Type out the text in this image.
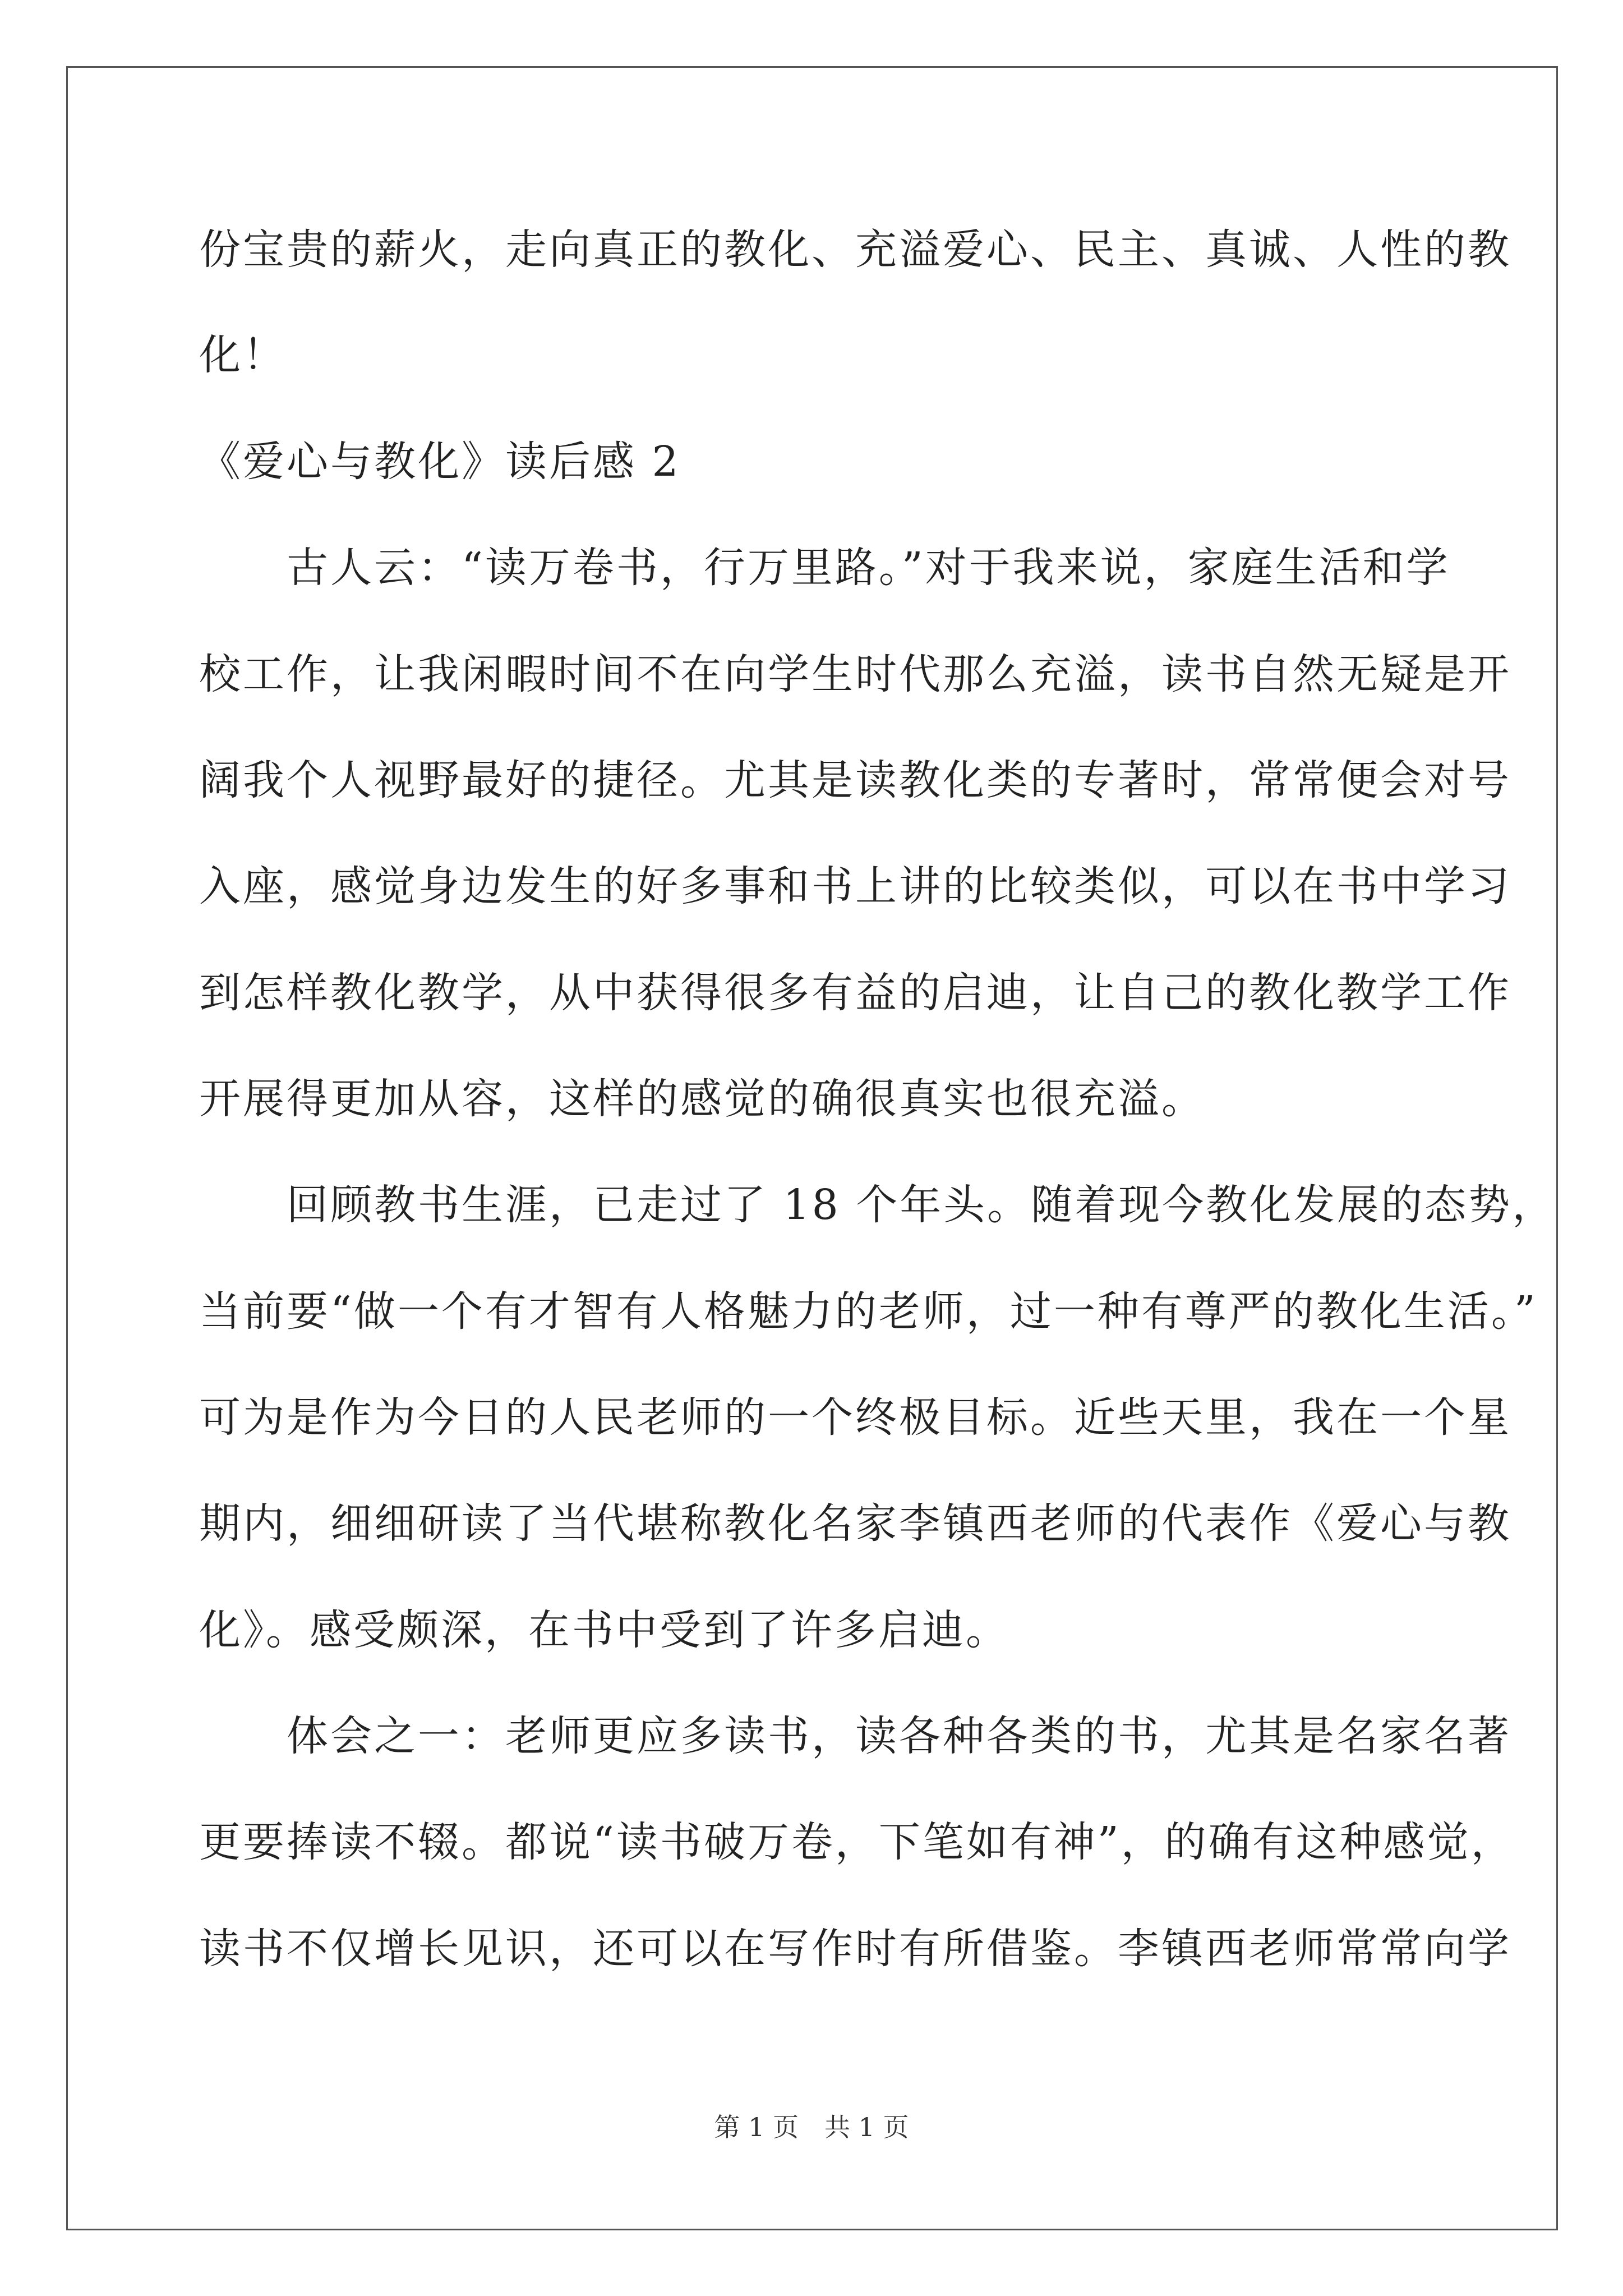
份宝贵的薪火，走向真正的教化、充溢爱心、民主、真诚、人性的教
化！
《爱心与教化》读后感 2
　　古人云：“读万卷书，行万里路。”对于我来说，家庭生活和学
校工作，让我闲暇时间不在向学生时代那么充溢，读书自然无疑是开
阔我个人视野最好的捷径。尤其是读教化类的专著时，常常便会对号
入座，感觉身边发生的好多事和书上讲的比较类似，可以在书中学习
到怎样教化教学，从中获得很多有益的启迪，让自己的教化教学工作
开展得更加从容，这样的感觉的确很真实也很充溢。
　　回顾教书生涯，已走过了 18 个年头。随着现今教化发展的态势，
当前要“做一个有才智有人格魅力的老师，过一种有尊严的教化生活。”
可为是作为今日的人民老师的一个终极目标。近些天里，我在一个星
期内，细细研读了当代堪称教化名家李镇西老师的代表作《爱心与教
化》。感受颇深，在书中受到了许多启迪。
　　体会之一：老师更应多读书，读各种各类的书，尤其是名家名著
更要捧读不辍。都说“读书破万卷，下笔如有神”，的确有这种感觉，
读书不仅增长见识，还可以在写作时有所借鉴。李镇西老师常常向学
第 1 页　共 1 页
